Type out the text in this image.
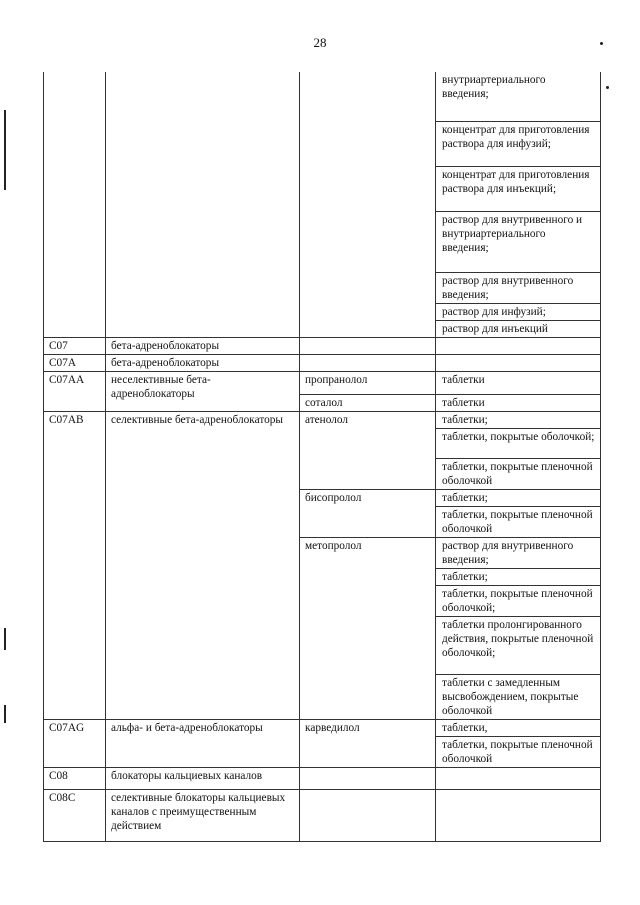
28
			внутриартериального введения;
			концентрат для приготовления раствора для инфузий;
			концентрат для приготовления раствора для инъекций;
			раствор для внутривенного и внутриартериального введения;
			раствор для внутривенного введения;
			раствор для инфузий;
			раствор для инъекций
C07	бета-адреноблокаторы		
C07A	бета-адреноблокаторы		
C07AA	неселективные бета-адреноблокаторы	пропранолол	таблетки
		соталол	таблетки
C07AB	селективные бета-адреноблокаторы	атенолол	таблетки;
			таблетки, покрытые оболочкой;
			таблетки, покрытые пленочной оболочкой
		бисопролол	таблетки;
			таблетки, покрытые пленочной оболочкой
		метопролол	раствор для внутривенного введения;
			таблетки;
			таблетки, покрытые пленочной оболочкой;
			таблетки пролонгированного действия, покрытые пленочной оболочкой;
			таблетки с замедленным высвобождением, покрытые оболочкой
C07AG	альфа- и бета-адреноблокаторы	карведилол	таблетки,
			таблетки, покрытые пленочной оболочкой
C08	блокаторы кальциевых каналов		
C08C	селективные блокаторы кальциевых каналов с преимущественным действием		
